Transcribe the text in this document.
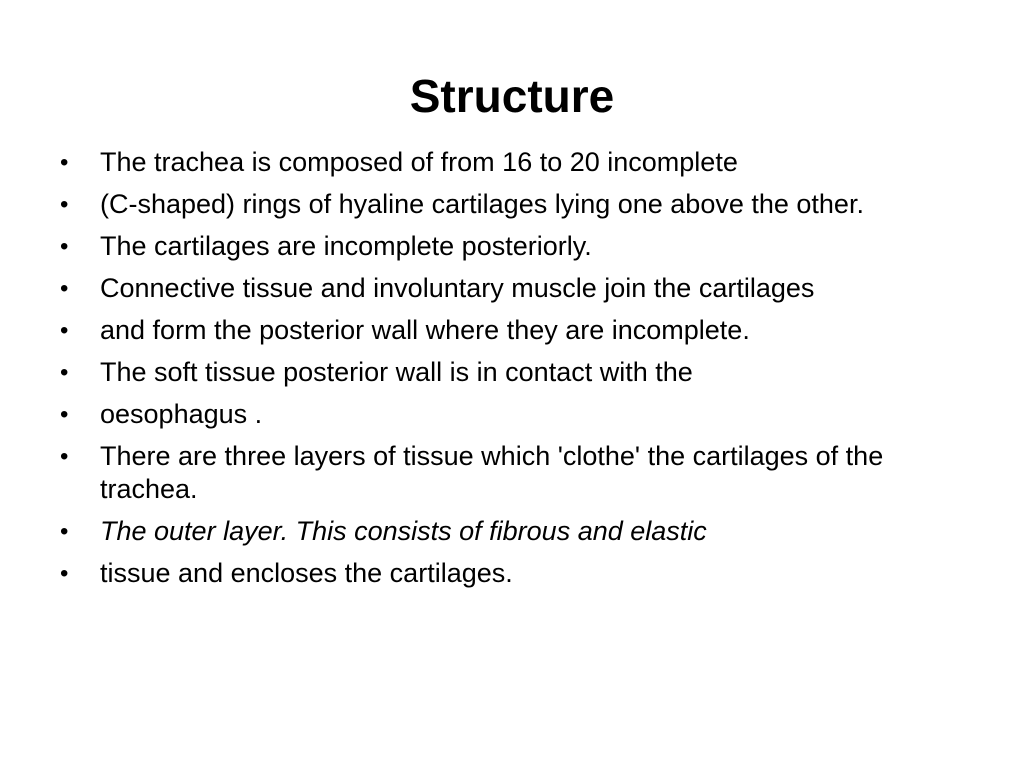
Structure
• The trachea is composed of from 16 to 20 incomplete
• (C-shaped) rings of hyaline cartilages lying one above the other.
• The cartilages are incomplete posteriorly.
• Connective tissue and involuntary muscle join the cartilages
• and form the posterior wall where they are incomplete.
• The soft tissue posterior wall is in contact with the
• oesophagus .
• There are three layers of tissue which 'clothe' the cartilages of the trachea.
• The outer layer. This consists of fibrous and elastic
• tissue and encloses the cartilages.
